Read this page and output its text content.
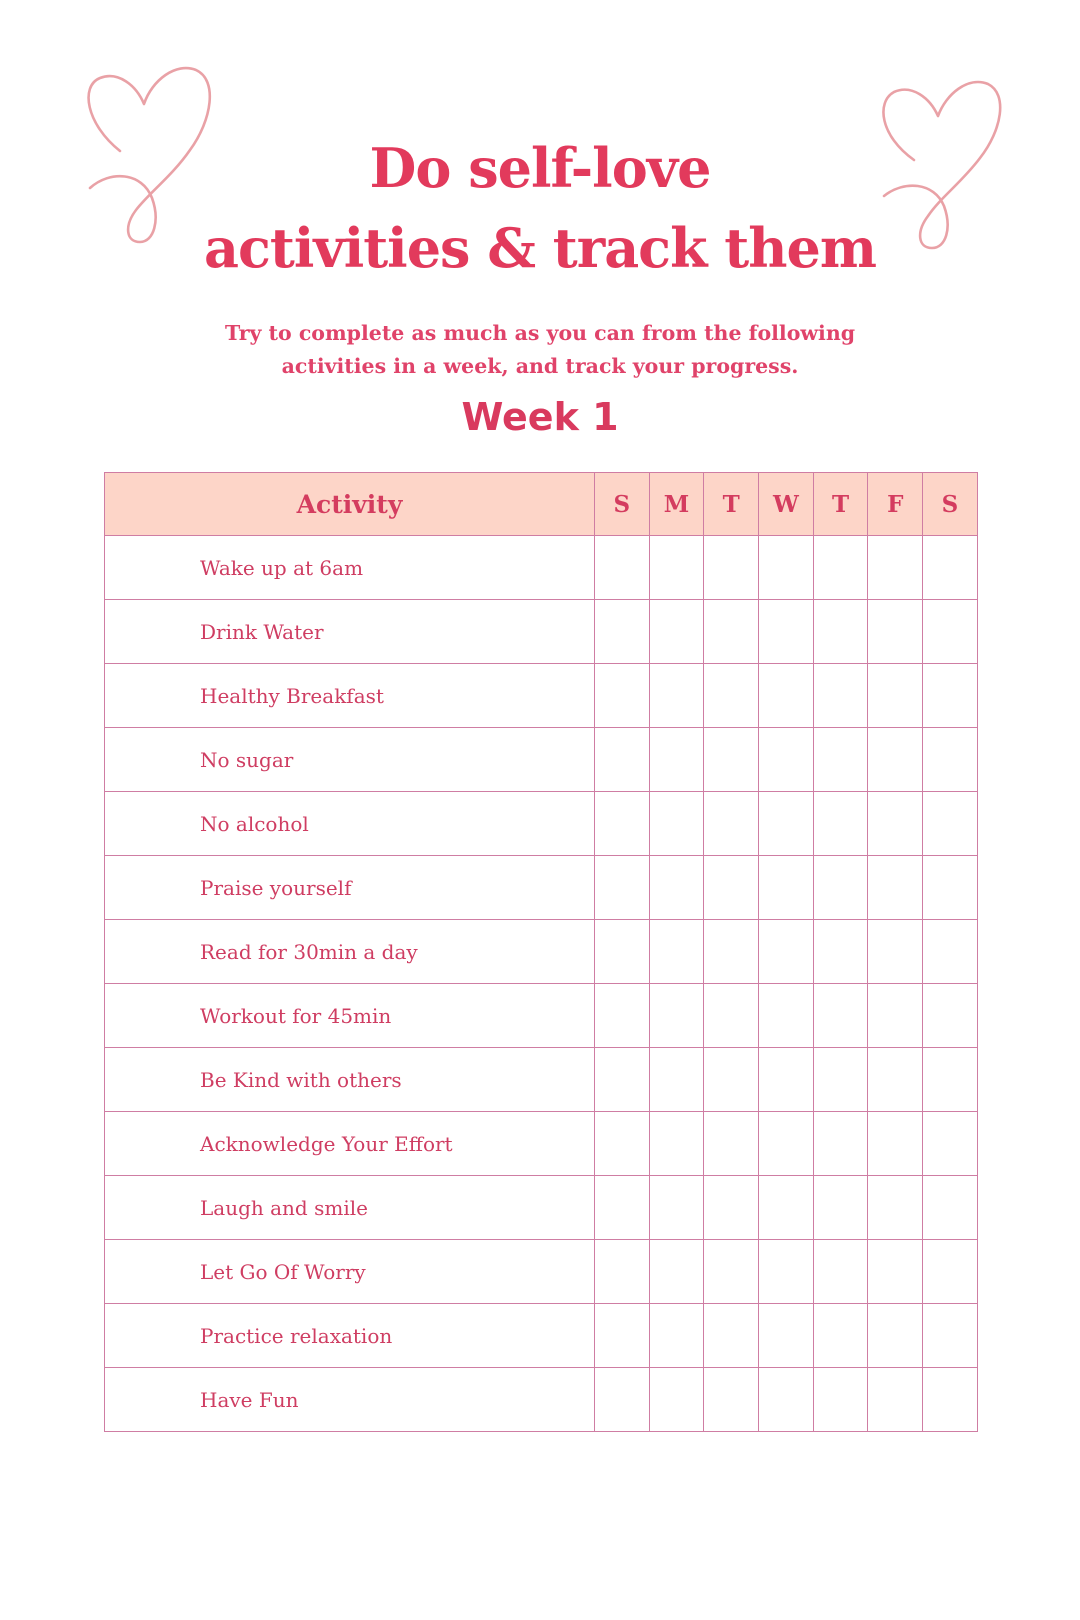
Do self-love
activities & track them

Try to complete as much as you can from the following
activities in a week, and track your progress.

Week 1
Activity	S	M	T	W	T	F	S
Wake up at 6am							
Drink Water							
Healthy Breakfast							
No sugar							
No alcohol							
Praise yourself							
Read for 30min a day							
Workout for 45min							
Be Kind with others							
Acknowledge Your Effort							
Laugh and smile							
Let Go Of Worry							
Practice relaxation							
Have Fun							
